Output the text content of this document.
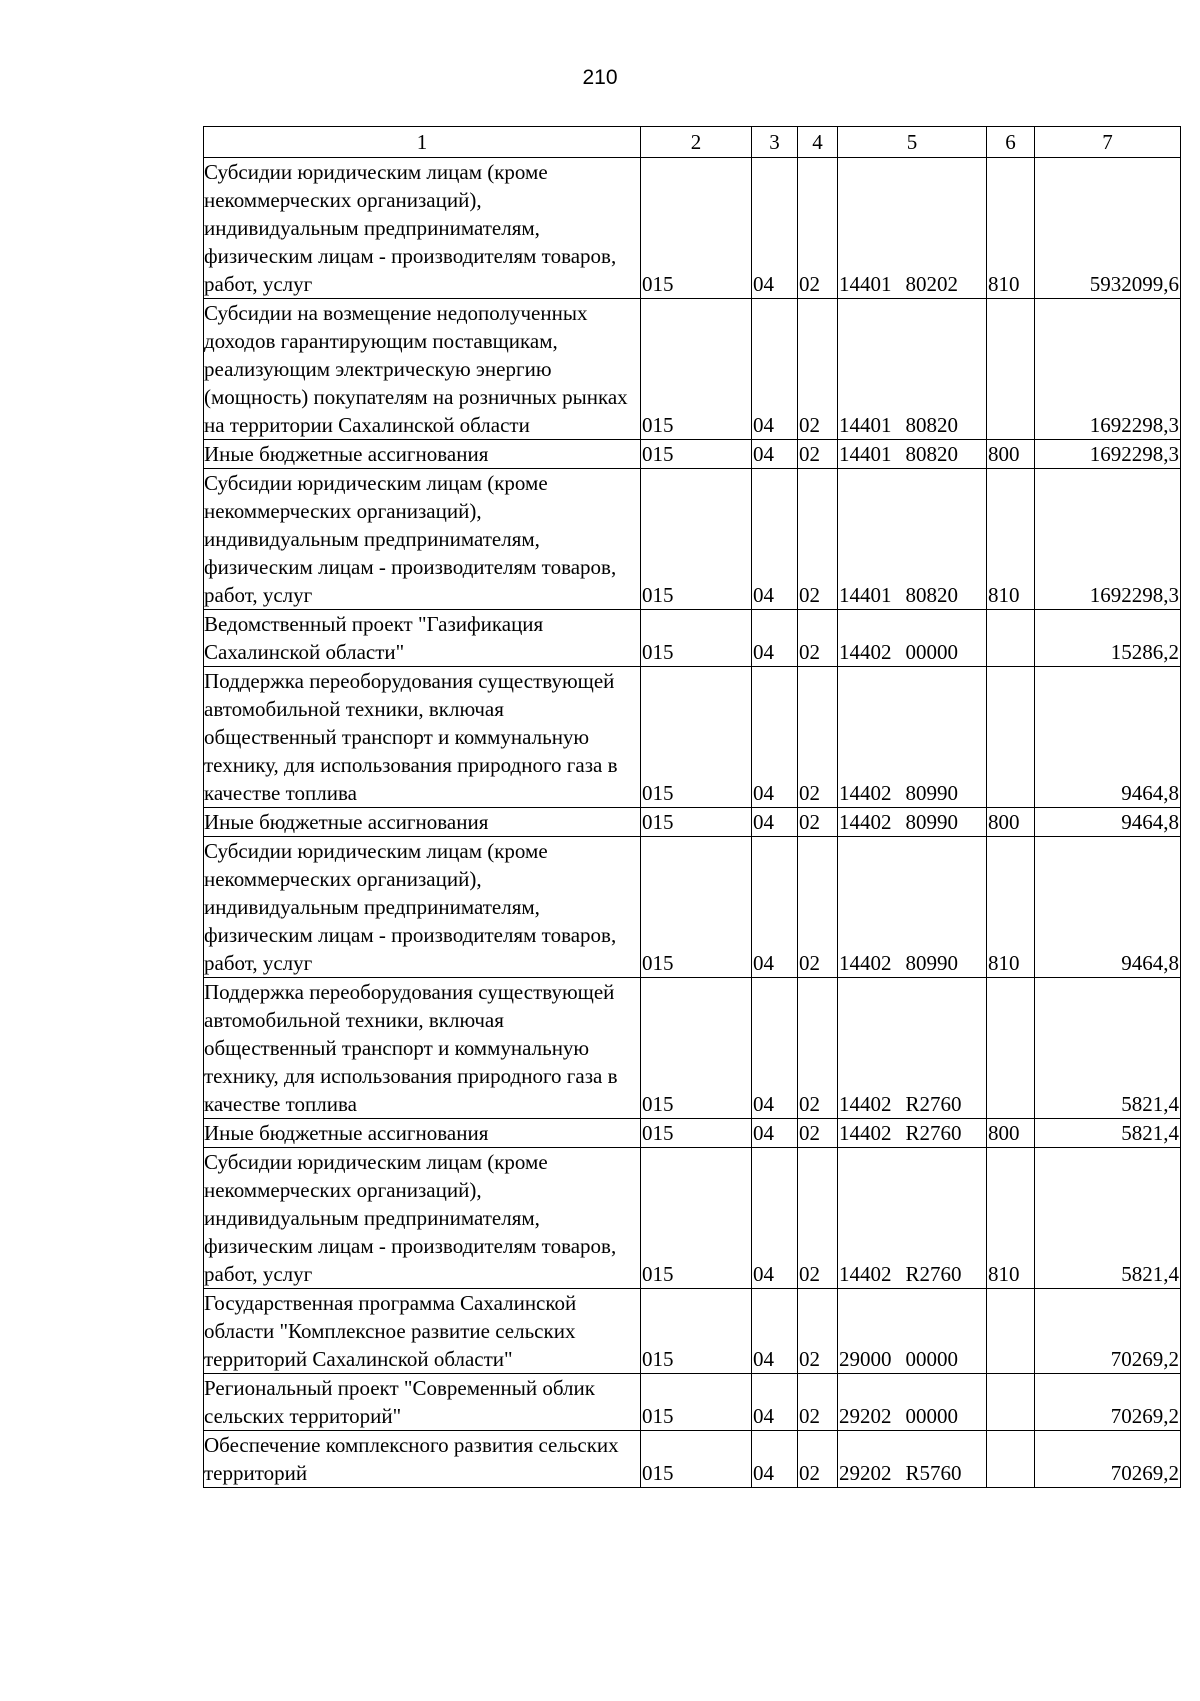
210
1	2	3	4	5	6	7
Субсидии юридическим лицам (кроме некоммерческих организаций), индивидуальным предпринимателям, физическим лицам - производителям товаров, работ, услуг	015	04	02	14401 80202	810	5932099,6
Субсидии на возмещение недополученных доходов гарантирующим поставщикам, реализующим электрическую энергию (мощность) покупателям на розничных рынках на территории Сахалинской области	015	04	02	14401 80820		1692298,3
Иные бюджетные ассигнования	015	04	02	14401 80820	800	1692298,3
Субсидии юридическим лицам (кроме некоммерческих организаций), индивидуальным предпринимателям, физическим лицам - производителям товаров, работ, услуг	015	04	02	14401 80820	810	1692298,3
Ведомственный проект "Газификация Сахалинской области"	015	04	02	14402 00000		15286,2
Поддержка переоборудования существующей автомобильной техники, включая общественный транспорт и коммунальную технику, для использования природного газа в качестве топлива	015	04	02	14402 80990		9464,8
Иные бюджетные ассигнования	015	04	02	14402 80990	800	9464,8
Субсидии юридическим лицам (кроме некоммерческих организаций), индивидуальным предпринимателям, физическим лицам - производителям товаров, работ, услуг	015	04	02	14402 80990	810	9464,8
Поддержка переоборудования существующей автомобильной техники, включая общественный транспорт и коммунальную технику, для использования природного газа в качестве топлива	015	04	02	14402 R2760		5821,4
Иные бюджетные ассигнования	015	04	02	14402 R2760	800	5821,4
Субсидии юридическим лицам (кроме некоммерческих организаций), индивидуальным предпринимателям, физическим лицам - производителям товаров, работ, услуг	015	04	02	14402 R2760	810	5821,4
Государственная программа Сахалинской области "Комплексное развитие сельских территорий Сахалинской области"	015	04	02	29000 00000		70269,2
Региональный проект "Современный облик сельских территорий"	015	04	02	29202 00000		70269,2
Обеспечение комплексного развития сельских территорий	015	04	02	29202 R5760		70269,2
